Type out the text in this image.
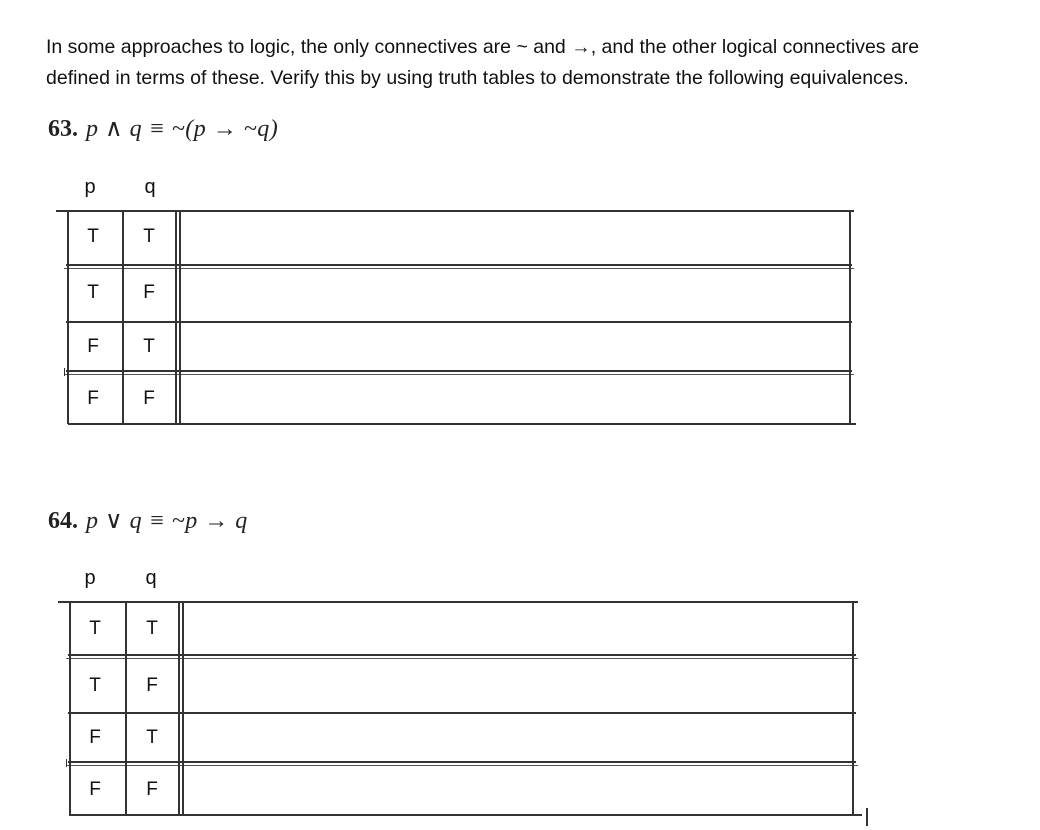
In some approaches to logic, the only connectives are ~ and →, and the other logical connectives are

defined in terms of these. Verify this by using truth tables to demonstrate the following equivalences.

63. p ∧ q ≡ ~(p → ~q)
p	q
T	T
T	F
F	T
F	F
64. p ∨ q ≡ ~p → q
p	q
T	T
T	F
F	T
F	F
